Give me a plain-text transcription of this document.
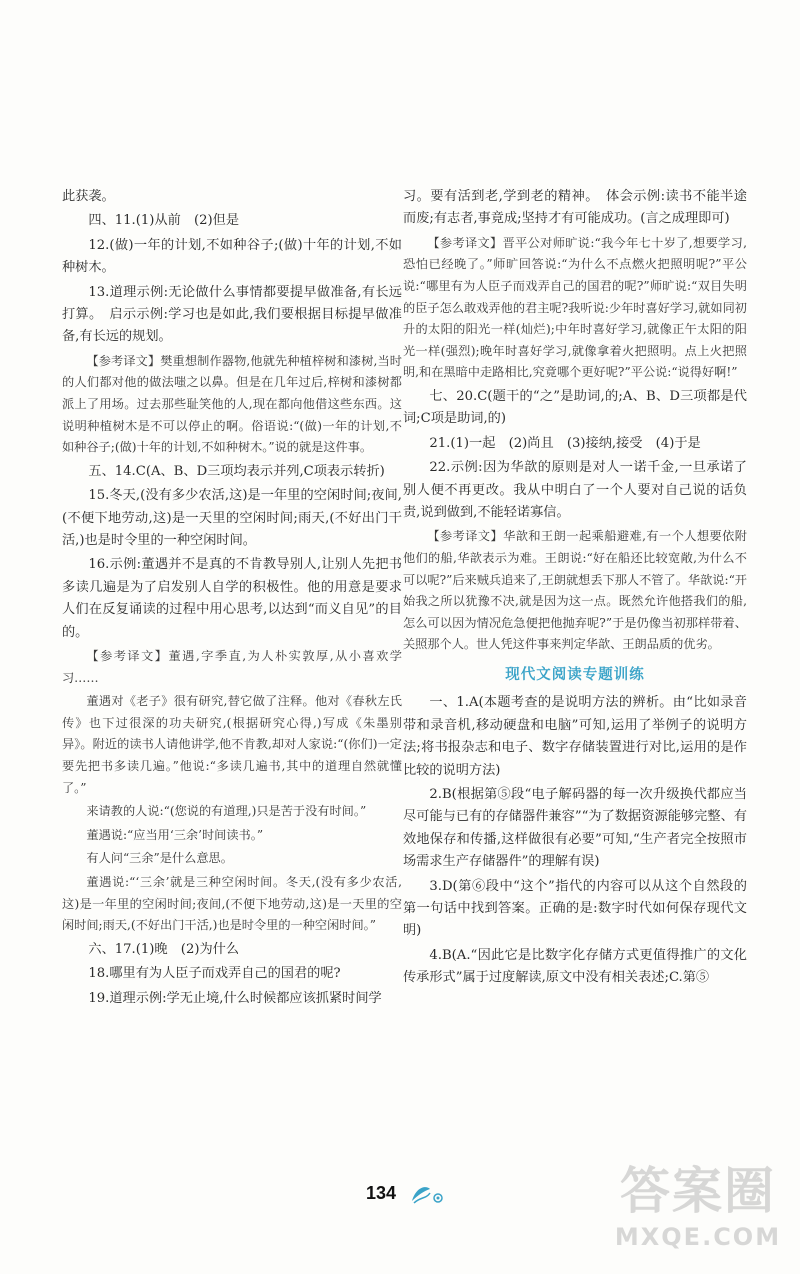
此获袭。

四、11.(1)从前　(2)但是

12.(做)一年的计划,不如种谷子;(做)十年的计划,不如种树木。

13.道理示例:无论做什么事情都要提早做准备,有长远打算。　启示示例:学习也是如此,我们要根据目标提早做准备,有长远的规划。

【参考译文】樊重想制作器物,他就先种植梓树和漆树,当时的人们都对他的做法嗤之以鼻。但是在几年过后,梓树和漆树都派上了用场。过去那些耻笑他的人,现在都向他借这些东西。这说明种植树木是不可以停止的啊。俗语说:“(做)一年的计划,不如种谷子;(做)十年的计划,不如种树木。”说的就是这件事。

五、14.C(A、B、D三项均表示并列,C项表示转折)

15.冬天,(没有多少农活,这)是一年里的空闲时间;夜间,(不便下地劳动,这)是一天里的空闲时间;雨天,(不好出门干活,)也是时令里的一种空闲时间。

16.示例:董遇并不是真的不肯教导别人,让别人先把书多读几遍是为了启发别人自学的积极性。他的用意是要求人们在反复诵读的过程中用心思考,以达到“而义自见”的目的。

【参考译文】董遇,字季直,为人朴实敦厚,从小喜欢学习……

董遇对《老子》很有研究,替它做了注释。他对《春秋左氏传》也下过很深的功夫研究,(根据研究心得,)写成《朱墨别异》。附近的读书人请他讲学,他不肯教,却对人家说:“(你们)一定要先把书多读几遍。”他说:“多读几遍书,其中的道理自然就懂了。”

来请教的人说:“(您说的有道理,)只是苦于没有时间。”

董遇说:“应当用‘三余’时间读书。”

有人问“三余”是什么意思。

董遇说:“‘三余’就是三种空闲时间。冬天,(没有多少农活,这)是一年里的空闲时间;夜间,(不便下地劳动,这)是一天里的空闲时间;雨天,(不好出门干活,)也是时令里的一种空闲时间。”

六、17.(1)晚　(2)为什么

18.哪里有为人臣子而戏弄自己的国君的呢?

19.道理示例:学无止境,什么时候都应该抓紧时间学

习。要有活到老,学到老的精神。　体会示例:读书不能半途而废;有志者,事竟成;坚持才有可能成功。(言之成理即可)

【参考译文】晋平公对师旷说:“我今年七十岁了,想要学习,恐怕已经晚了。”师旷回答说:“为什么不点燃火把照明呢?”平公说:“哪里有为人臣子而戏弄自己的国君的呢?”师旷说:“双目失明的臣子怎么敢戏弄他的君主呢?我听说:少年时喜好学习,就如同初升的太阳的阳光一样(灿烂);中年时喜好学习,就像正午太阳的阳光一样(强烈);晚年时喜好学习,就像拿着火把照明。点上火把照明,和在黑暗中走路相比,究竟哪个更好呢?”平公说:“说得好啊!”

七、20.C(题干的“之”是助词,的;A、B、D三项都是代词;C项是助词,的)

21.(1)一起　(2)尚且　(3)接纳,接受　(4)于是

22.示例:因为华歆的原则是对人一诺千金,一旦承诺了别人便不再更改。我从中明白了一个人要对自己说的话负责,说到做到,不能轻诺寡信。

【参考译文】华歆和王朗一起乘船避难,有一个人想要依附他们的船,华歆表示为难。王朗说:“好在船还比较宽敞,为什么不可以呢?”后来贼兵追来了,王朗就想丢下那人不管了。华歆说:“开始我之所以犹豫不决,就是因为这一点。既然允许他搭我们的船,怎么可以因为情况危急便把他抛弃呢?”于是仍像当初那样带着、关照那个人。世人凭这件事来判定华歆、王朗品质的优劣。

现代文阅读专题训练

一、1.A(本题考查的是说明方法的辨析。由“比如录音带和录音机,移动硬盘和电脑”可知,运用了举例子的说明方法;将书报杂志和电子、数字存储装置进行对比,运用的是作比较的说明方法)

2.B(根据第⑤段“电子解码器的每一次升级换代都应当尽可能与已有的存储器件兼容”“为了数据资源能够完整、有效地保存和传播,这样做很有必要”可知,“生产者完全按照市场需求生产存储器件”的理解有误)

3.D(第⑥段中“这个”指代的内容可以从这个自然段的第一句话中找到答案。正确的是:数字时代如何保存现代文明)

4.B(A.“因此它是比数字化存储方式更值得推广的文化传承形式”属于过度解读,原文中没有相关表述;C.第⑤

134	答案圈
MXQE.COM
